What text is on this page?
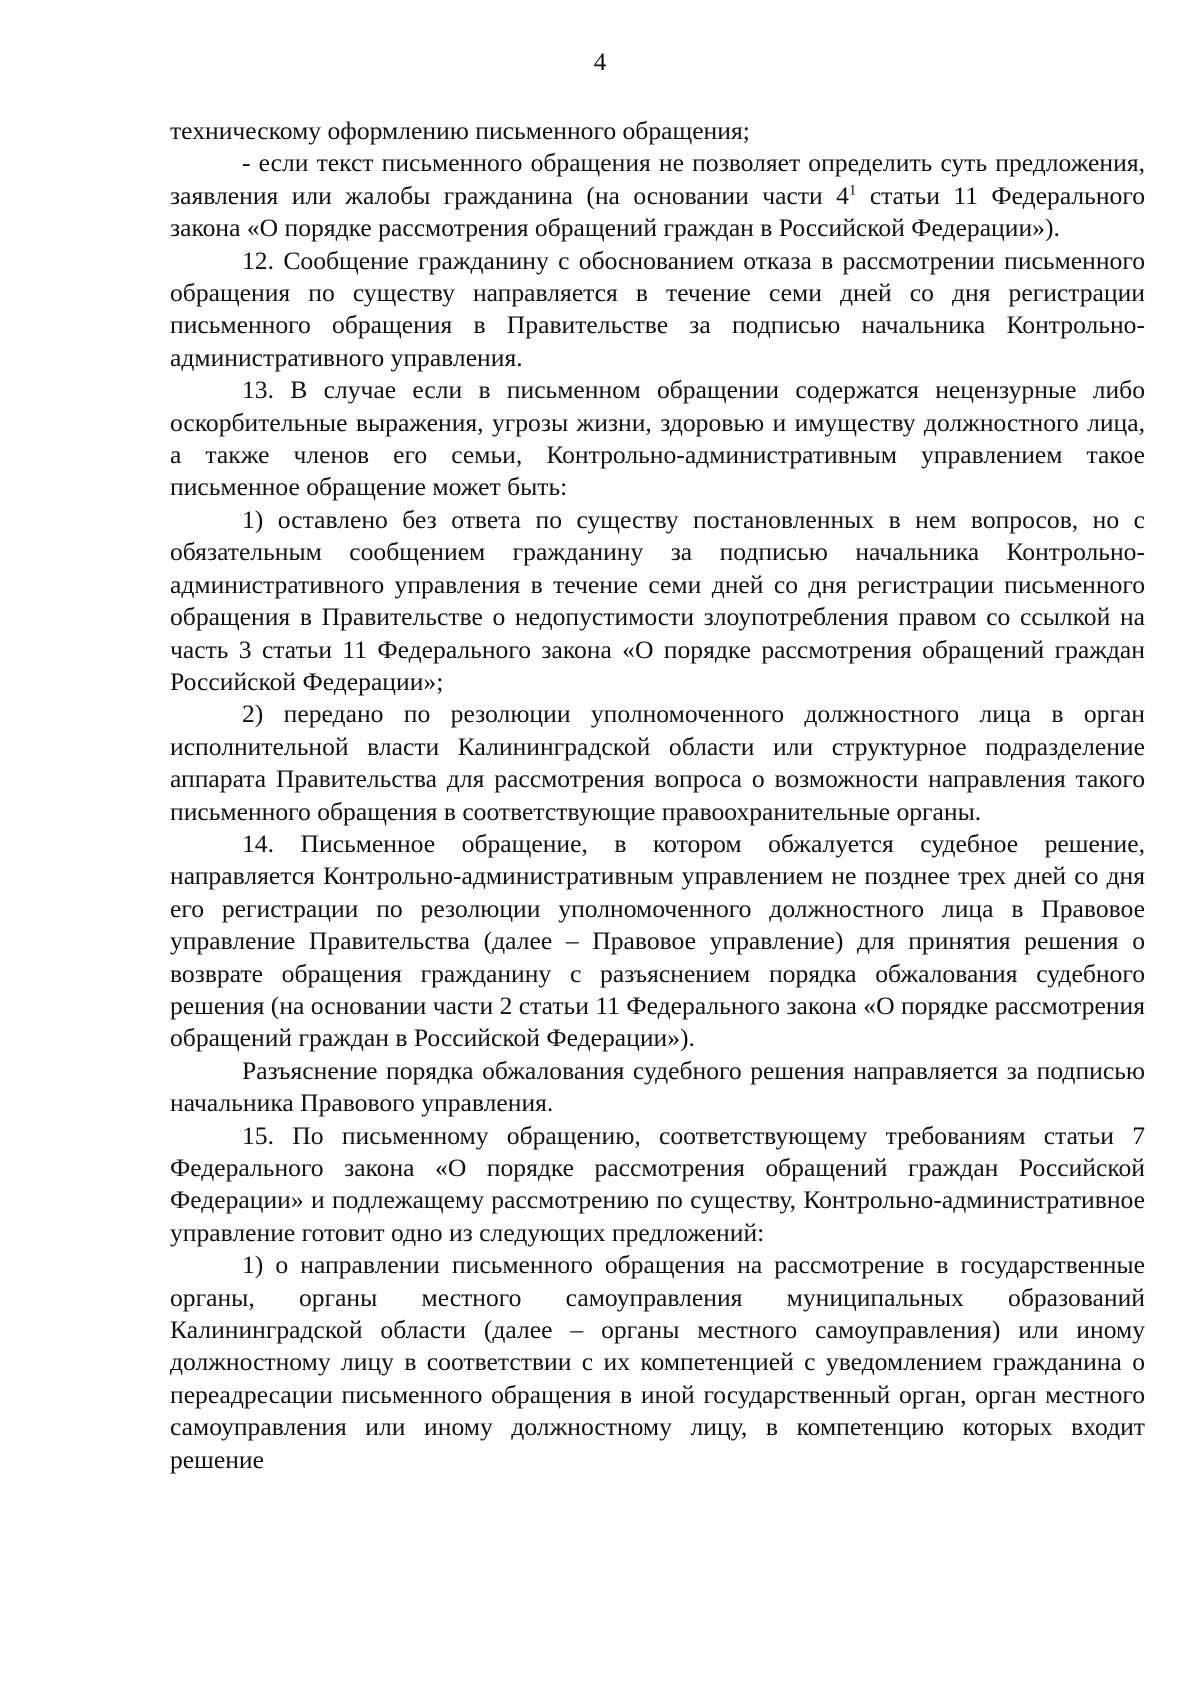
4

техническому оформлению письменного обращения;

- если текст письменного обращения не позволяет определить суть предложения, заявления или жалобы гражданина (на основании части $4^1$ статьи 11 Федерального закона «О порядке рассмотрения обращений граждан в Российской Федерации»).

12. Сообщение гражданину с обоснованием отказа в рассмотрении письменного обращения по существу направляется в течение семи дней со дня регистрации письменного обращения в Правительстве за подписью начальника Контрольно-административного управления.

13. В случае если в письменном обращении содержатся нецензурные либо оскорбительные выражения, угрозы жизни, здоровью и имуществу должностного лица, а также членов его семьи, Контрольно-административным управлением такое письменное обращение может быть:

1) оставлено без ответа по существу постановленных в нем вопросов, но с обязательным сообщением гражданину за подписью начальника Контрольно-административного управления в течение семи дней со дня регистрации письменного обращения в Правительстве о недопустимости злоупотребления правом со ссылкой на часть 3 статьи 11 Федерального закона «О порядке рассмотрения обращений граждан Российской Федерации»;

2) передано по резолюции уполномоченного должностного лица в орган исполнительной власти Калининградской области или структурное подразделение аппарата Правительства для рассмотрения вопроса о возможности направления такого письменного обращения в соответствующие правоохранительные органы.

14. Письменное обращение, в котором обжалуется судебное решение, направляется Контрольно-административным управлением не позднее трех дней со дня его регистрации по резолюции уполномоченного должностного лица в Правовое управление Правительства (далее – Правовое управление) для принятия решения о возврате обращения гражданину с разъяснением порядка обжалования судебного решения (на основании части 2 статьи 11 Федерального закона «О порядке рассмотрения обращений граждан в Российской Федерации»).

Разъяснение порядка обжалования судебного решения направляется за подписью начальника Правового управления.

15. По письменному обращению, соответствующему требованиям статьи 7 Федерального закона «О порядке рассмотрения обращений граждан Российской Федерации» и подлежащему рассмотрению по существу, Контрольно-административное управление готовит одно из следующих предложений:

1) о направлении письменного обращения на рассмотрение в государственные органы, органы местного самоуправления муниципальных образований Калининградской области (далее – органы местного самоуправления) или иному должностному лицу в соответствии с их компетенцией с уведомлением гражданина о переадресации письменного обращения в иной государственный орган, орган местного самоуправления или иному должностному лицу, в компетенцию которых входит решение
